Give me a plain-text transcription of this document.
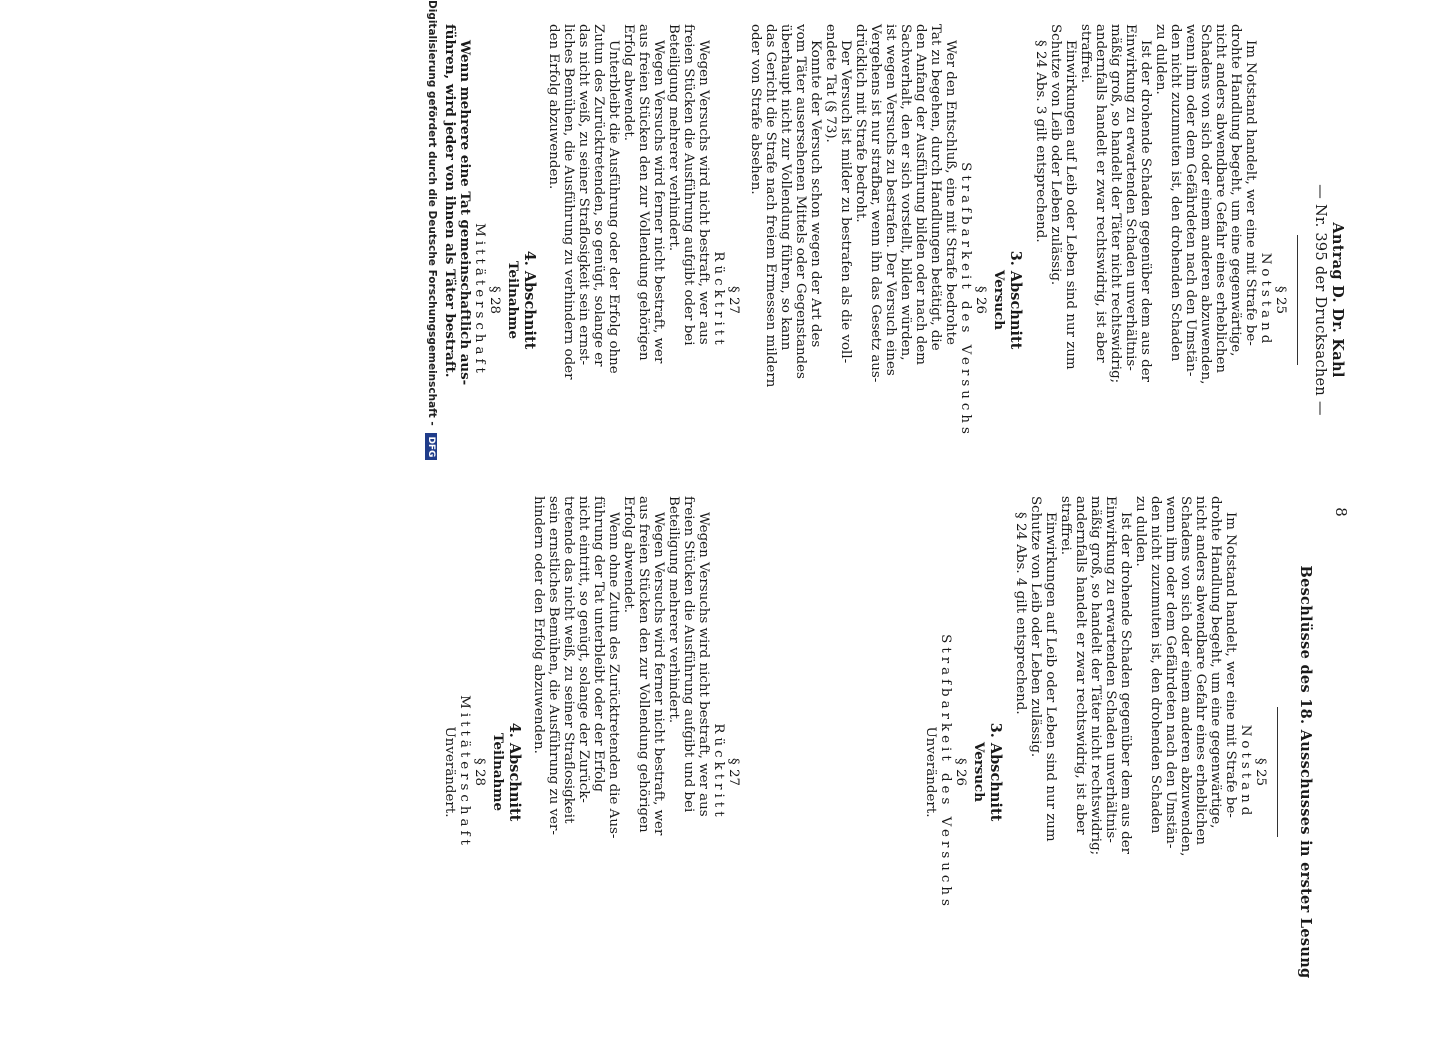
8
Antrag D. Dr. Kahl
— Nr. 395 der Drucksachen —
§ 25
Notstand
Im Notstand handelt, wer eine mit Strafe be-
drohte Handlung begeht, um eine gegenwärtige,
nicht anders abwendbare Gefahr eines erheblichen
Schadens von sich oder einem anderen abzuwenden,
wenn ihm oder dem Gefährdeten nach den Umstän-
den nicht zuzumuten ist, den drohenden Schaden
zu dulden.
Ist der drohende Schaden gegenüber dem aus der
Einwirkung zu erwartenden Schaden unverhältnis-
mäßig groß, so handelt der Täter nicht rechtswidrig;
andernfalls handelt er zwar rechtswidrig, ist aber
straffrei.
Einwirkungen auf Leib oder Leben sind nur zum
Schutze von Leib oder Leben zulässig.
§ 24 Abs. 3 gilt entsprechend.
3. Abschnitt
Versuch
§ 26
Strafbarkeit des Versuchs
Wer den Entschluß, eine mit Strafe bedrohte
Tat zu begehen, durch Handlungen betätigt, die
den Anfang der Ausführung bilden oder nach dem
Sachverhalt, den er sich vorstellt, bilden würden,
ist wegen Versuchs zu bestrafen. Der Versuch eines
Vergehens ist nur strafbar, wenn ihn das Gesetz aus-
drücklich mit Strafe bedroht.
Der Versuch ist milder zu bestrafen als die voll-
endete Tat (§ 73).
Konnte der Versuch schon wegen der Art des
vom Täter ausersehenen Mittels oder Gegenstandes
überhaupt nicht zur Vollendung führen, so kann
das Gericht die Strafe nach freiem Ermessen mildern
oder von Strafe absehen.
§ 27
Rücktritt
Wegen Versuchs wird nicht bestraft, wer aus
freien Stücken die Ausführung aufgibt oder bei
Beteiligung mehrerer verhindert.
Wegen Versuchs wird ferner nicht bestraft, wer
aus freien Stücken den zur Vollendung gehörigen
Erfolg abwendet.
Unterbleibt die Ausführung oder der Erfolg ohne
Zutun des Zurücktretenden, so genügt, solange er
das nicht weiß, zu seiner Straflosigkeit sein ernst-
liches Bemühen, die Ausführung zu verhindern oder
den Erfolg abzuwenden.
4. Abschnitt
Teilnahme
§ 28
Mittäterschaft
Wenn mehrere eine Tat gemeinschaftlich aus-
führen, wird jeder von ihnen als Täter bestraft.
Beschlüsse des 18. Ausschusses in erster Lesung
§ 25
Notstand
Im Notstand handelt, wer eine mit Strafe be-
drohte Handlung begeht, um eine gegenwärtige,
nicht anders abwendbare Gefahr eines erheblichen
Schadens von sich oder einem anderen abzuwenden,
wenn ihm oder dem Gefährdeten nach den Umstän-
den nicht zuzumuten ist, den drohenden Schaden
zu dulden.
Ist der drohende Schaden gegenüber dem aus der
Einwirkung zu erwartenden Schaden unverhältnis-
mäßig groß, so handelt der Täter nicht rechtswidrig;
andernfalls handelt er zwar rechtswidrig, ist aber
straffrei.
Einwirkungen auf Leib oder Leben sind nur zum
Schutze von Leib oder Leben zulässig.
§ 24 Abs. 4 gilt entsprechend.
3. Abschnitt
Versuch
§ 26
Strafbarkeit des Versuchs
Unverändert.
§ 27
Rücktritt
Wegen Versuchs wird nicht bestraft, wer aus
freien Stücken die Ausführung aufgibt und bei
Beteiligung mehrerer verhindert.
Wegen Versuchs wird ferner nicht bestraft, wer
aus freien Stücken den zur Vollendung gehörigen
Erfolg abwendet.
Wenn ohne Zutun des Zurücktretenden die Aus-
führung der Tat unterbleibt oder der Erfolg
nicht eintritt, so genügt, solange der Zurück-
tretende das nicht weiß, zu seiner Straflosigkeit
sein ernstliches Bemühen, die Ausführung zu ver-
hindern oder den Erfolg abzuwenden.
4. Abschnitt
Teilnahme
§ 28
Mittäterschaft
Unverändert.
Digitalisierung gefördert durch die Deutsche Forschungsgemeinschaft - DFG
